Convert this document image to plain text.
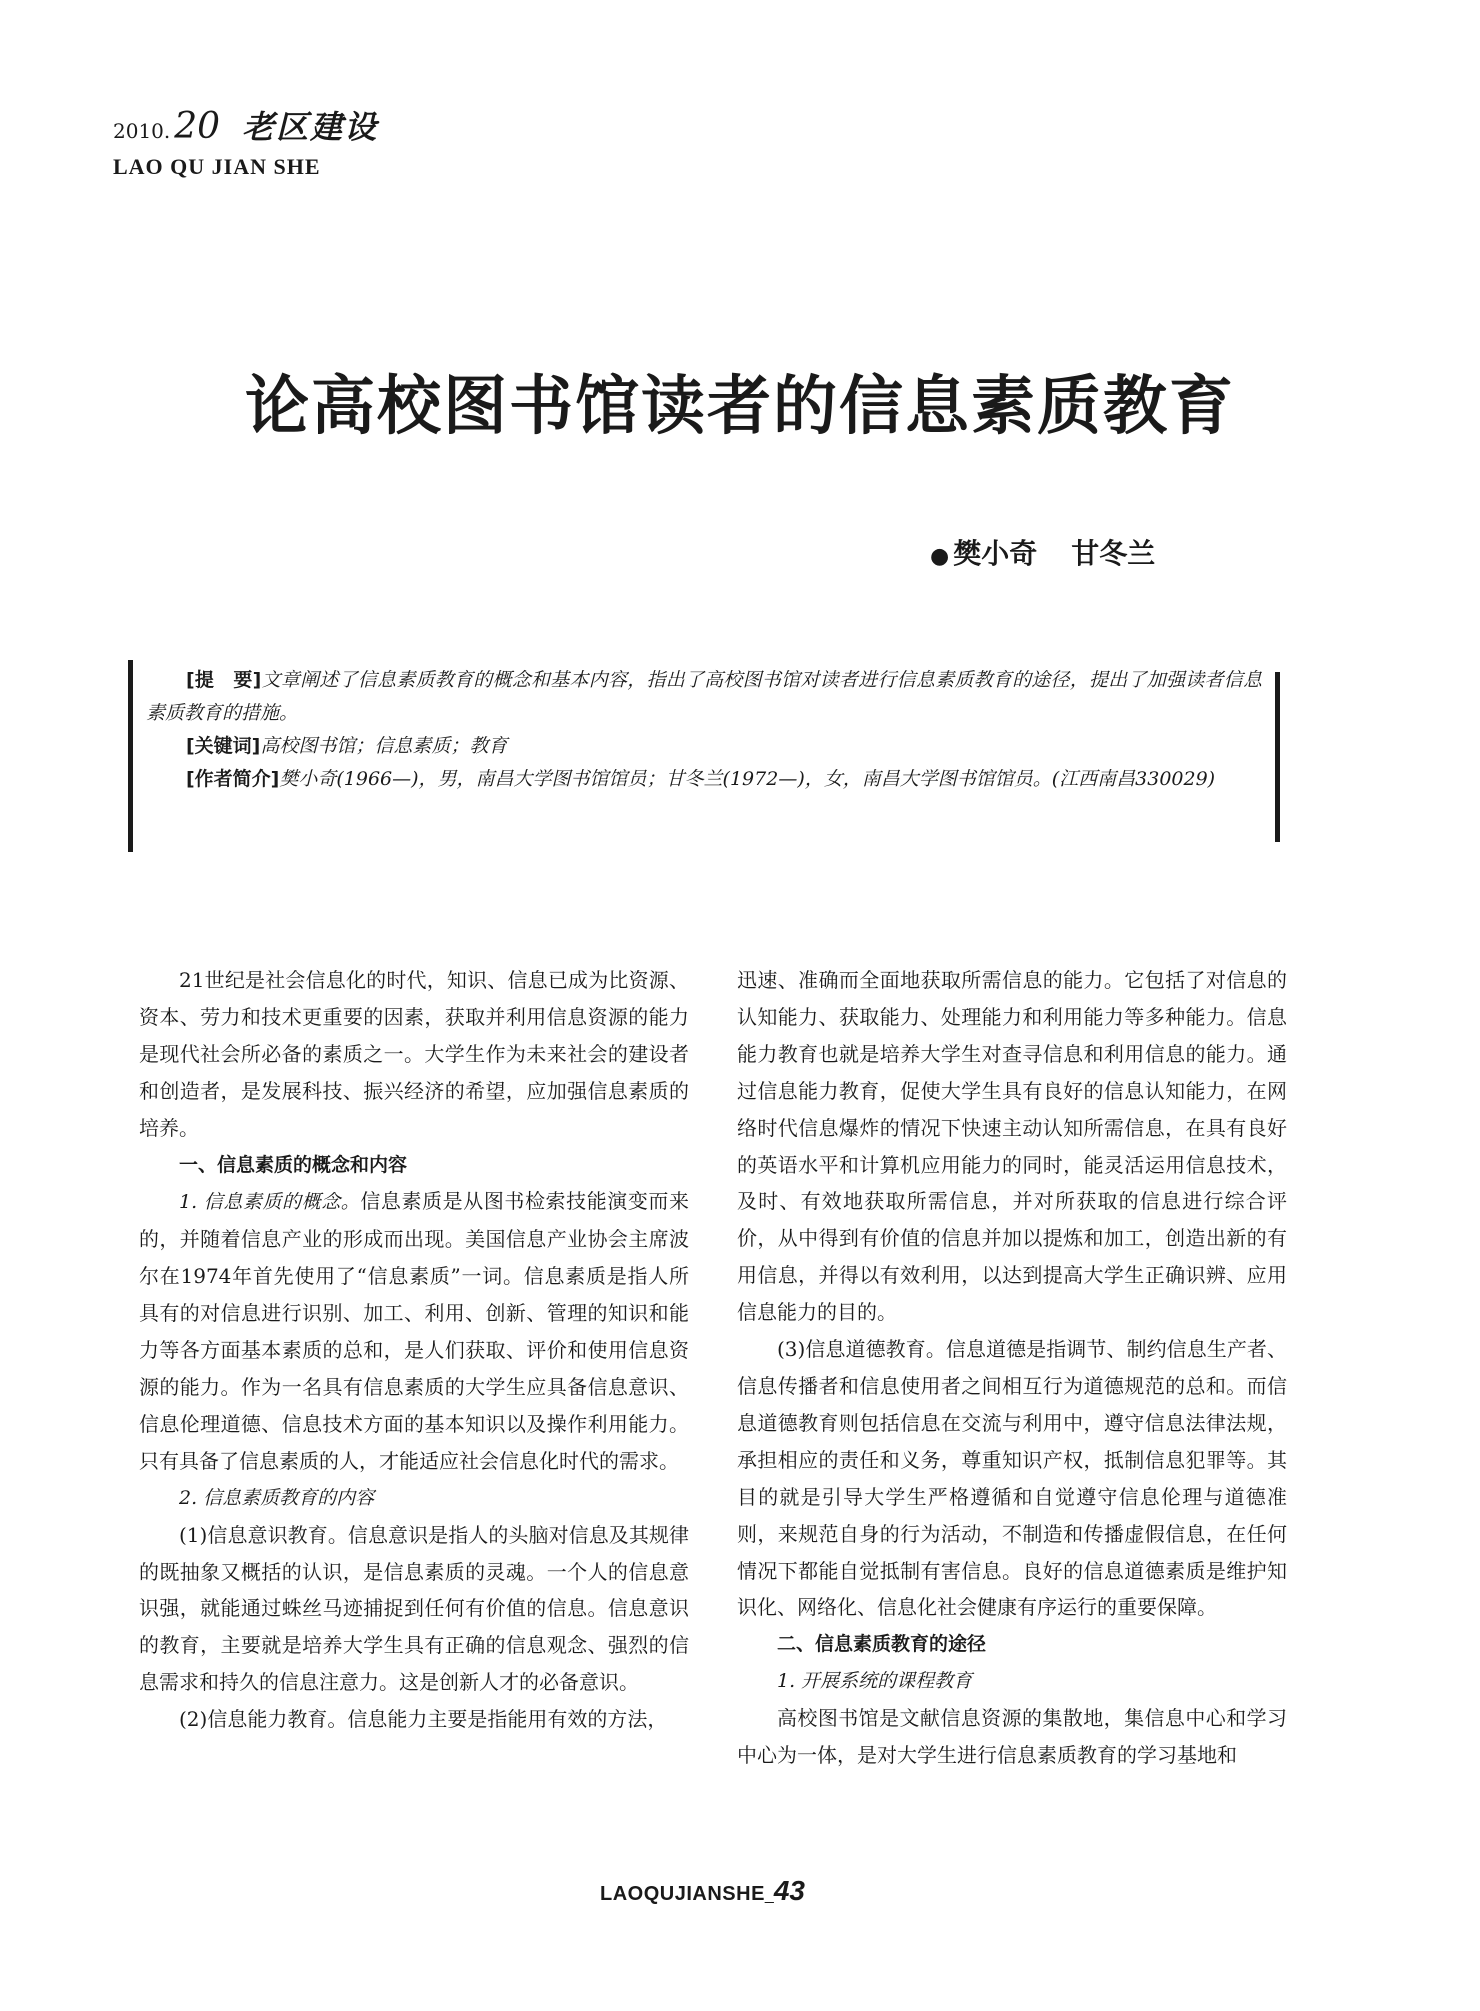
2010. 20 老区建设
LAO QU JIAN SHE
论高校图书馆读者的信息素质教育
● 樊小奇 甘冬兰

[提　要]文章阐述了信息素质教育的概念和基本内容，指出了高校图书馆对读者进行信息素质教育的途径，提出了加强读者信息素质教育的措施。

[关键词]高校图书馆；信息素质；教育

[作者简介]樊小奇(1966—)，男，南昌大学图书馆馆员；甘冬兰(1972—)，女，南昌大学图书馆馆员。(江西南昌330029)

21世纪是社会信息化的时代，知识、信息已成为比资源、资本、劳力和技术更重要的因素，获取并利用信息资源的能力是现代社会所必备的素质之一。大学生作为未来社会的建设者和创造者，是发展科技、振兴经济的希望，应加强信息素质的培养。

一、信息素质的概念和内容

1. 信息素质的概念。信息素质是从图书检索技能演变而来的，并随着信息产业的形成而出现。美国信息产业协会主席波尔在1974年首先使用了“信息素质”一词。信息素质是指人所具有的对信息进行识别、加工、利用、创新、管理的知识和能力等各方面基本素质的总和，是人们获取、评价和使用信息资源的能力。作为一名具有信息素质的大学生应具备信息意识、信息伦理道德、信息技术方面的基本知识以及操作利用能力。只有具备了信息素质的人，才能适应社会信息化时代的需求。

2. 信息素质教育的内容

(1)信息意识教育。信息意识是指人的头脑对信息及其规律的既抽象又概括的认识，是信息素质的灵魂。一个人的信息意识强，就能通过蛛丝马迹捕捉到任何有价值的信息。信息意识的教育，主要就是培养大学生具有正确的信息观念、强烈的信息需求和持久的信息注意力。这是创新人才的必备意识。

(2)信息能力教育。信息能力主要是指能用有效的方法，

迅速、准确而全面地获取所需信息的能力。它包括了对信息的认知能力、获取能力、处理能力和利用能力等多种能力。信息能力教育也就是培养大学生对查寻信息和利用信息的能力。通过信息能力教育，促使大学生具有良好的信息认知能力，在网络时代信息爆炸的情况下快速主动认知所需信息，在具有良好的英语水平和计算机应用能力的同时，能灵活运用信息技术，及时、有效地获取所需信息，并对所获取的信息进行综合评价，从中得到有价值的信息并加以提炼和加工，创造出新的有用信息，并得以有效利用，以达到提高大学生正确识辨、应用信息能力的目的。

(3)信息道德教育。信息道德是指调节、制约信息生产者、信息传播者和信息使用者之间相互行为道德规范的总和。而信息道德教育则包括信息在交流与利用中，遵守信息法律法规，承担相应的责任和义务，尊重知识产权，抵制信息犯罪等。其目的就是引导大学生严格遵循和自觉遵守信息伦理与道德准则，来规范自身的行为活动，不制造和传播虚假信息，在任何情况下都能自觉抵制有害信息。良好的信息道德素质是维护知识化、网络化、信息化社会健康有序运行的重要保障。

二、信息素质教育的途径

1. 开展系统的课程教育

高校图书馆是文献信息资源的集散地，集信息中心和学习中心为一体，是对大学生进行信息素质教育的学习基地和

LAOQUJIANSHE_43
